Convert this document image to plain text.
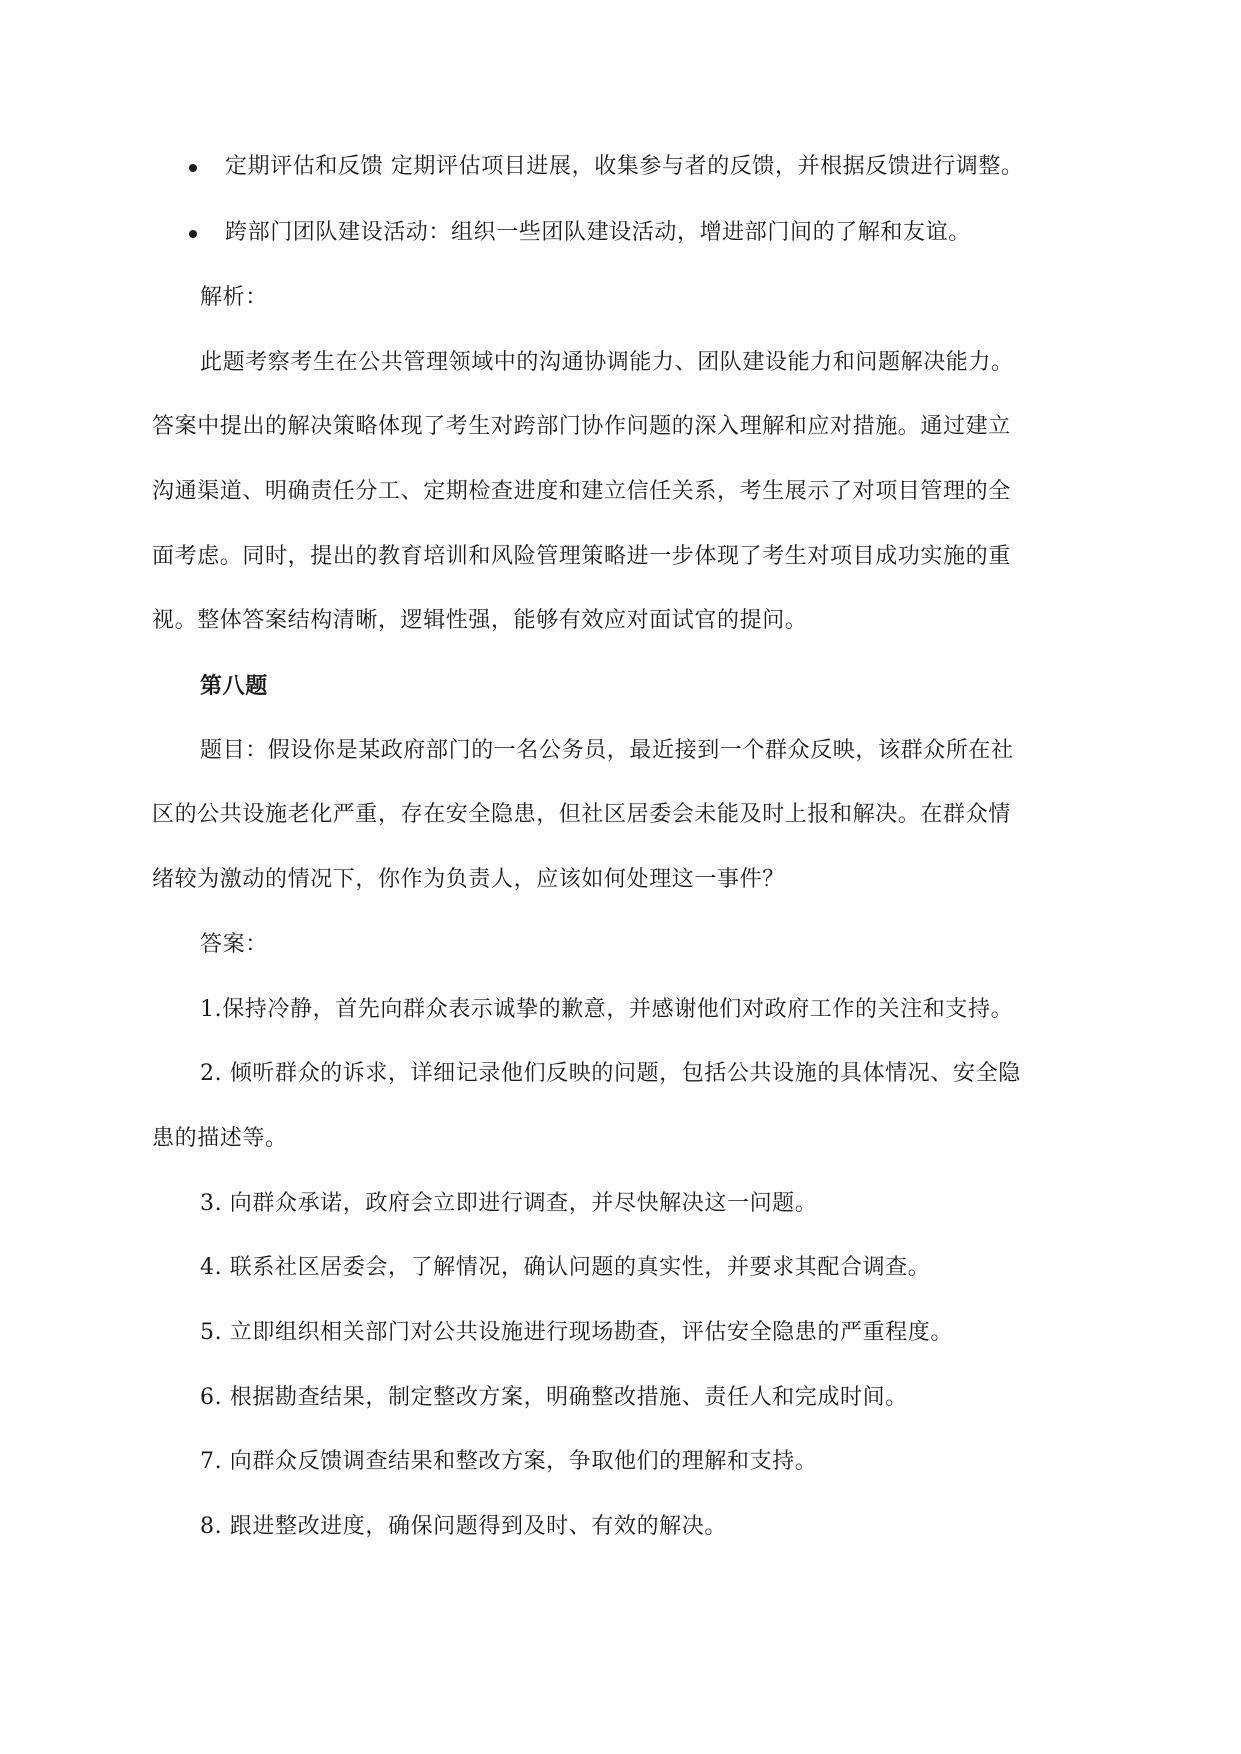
定期评估和反馈 定期评估项目进展，收集参与者的反馈，并根据反馈进行调整。
跨部门团队建设活动：组织一些团队建设活动，增进部门间的了解和友谊。
解析：
此题考察考生在公共管理领域中的沟通协调能力、团队建设能力和问题解决能力。
答案中提出的解决策略体现了考生对跨部门协作问题的深入理解和应对措施。通过建立
沟通渠道、明确责任分工、定期检查进度和建立信任关系，考生展示了对项目管理的全
面考虑。同时，提出的教育培训和风险管理策略进一步体现了考生对项目成功实施的重
视。整体答案结构清晰，逻辑性强，能够有效应对面试官的提问。
第八题
题目：假设你是某政府部门的一名公务员，最近接到一个群众反映，该群众所在社
区的公共设施老化严重，存在安全隐患，但社区居委会未能及时上报和解决。在群众情
绪较为激动的情况下，你作为负责人，应该如何处理这一事件？
答案：
1.保持冷静，首先向群众表示诚挚的歉意，并感谢他们对政府工作的关注和支持。
2. 倾听群众的诉求，详细记录他们反映的问题，包括公共设施的具体情况、安全隐
患的描述等。
3. 向群众承诺，政府会立即进行调查，并尽快解决这一问题。
4. 联系社区居委会，了解情况，确认问题的真实性，并要求其配合调查。
5. 立即组织相关部门对公共设施进行现场勘查，评估安全隐患的严重程度。
6. 根据勘查结果，制定整改方案，明确整改措施、责任人和完成时间。
7. 向群众反馈调查结果和整改方案，争取他们的理解和支持。
8. 跟进整改进度，确保问题得到及时、有效的解决。
